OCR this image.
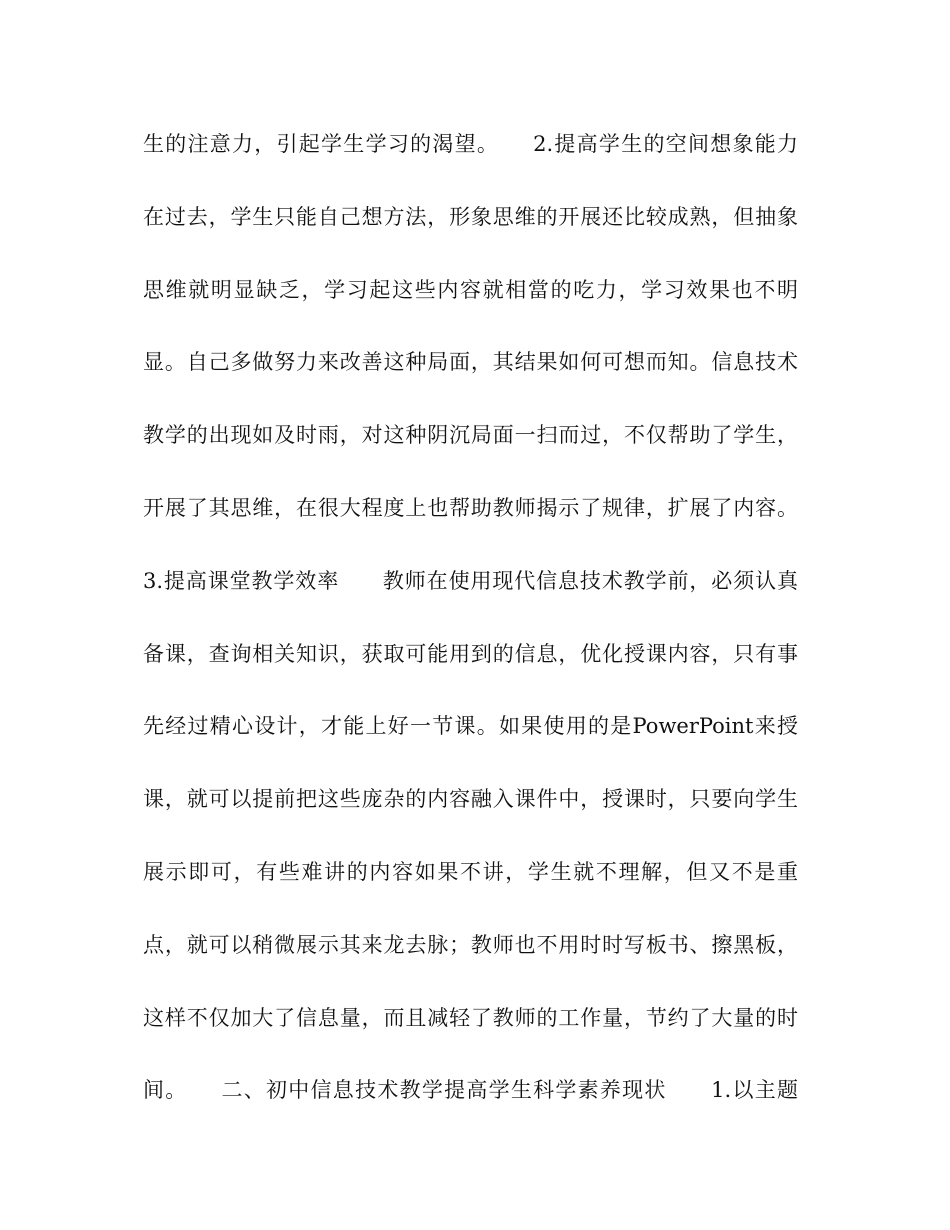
生的注意力，引起学生学习的渴望。　　2.提高学生的空间想象能力
在过去，学生只能自己想方法，形象思维的开展还比较成熟，但抽象
思维就明显缺乏，学习起这些内容就相當的吃力，学习效果也不明
显。自己多做努力来改善这种局面，其结果如何可想而知。信息技术
教学的出现如及时雨，对这种阴沉局面一扫而过，不仅帮助了学生，
开展了其思维，在很大程度上也帮助教师揭示了规律，扩展了内容。
3.提高课堂教学效率　　教师在使用现代信息技术教学前，必须认真
备课，查询相关知识，获取可能用到的信息，优化授课内容，只有事
先经过精心设计，才能上好一节课。如果使用的是PowerPoint来授
课，就可以提前把这些庞杂的内容融入课件中，授课时，只要向学生
展示即可，有些难讲的内容如果不讲，学生就不理解，但又不是重
点，就可以稍微展示其来龙去脉；教师也不用时时写板书、擦黑板，
这样不仅加大了信息量，而且减轻了教师的工作量，节约了大量的时
间。　　二、初中信息技术教学提高学生科学素养现状　　1.以主题
